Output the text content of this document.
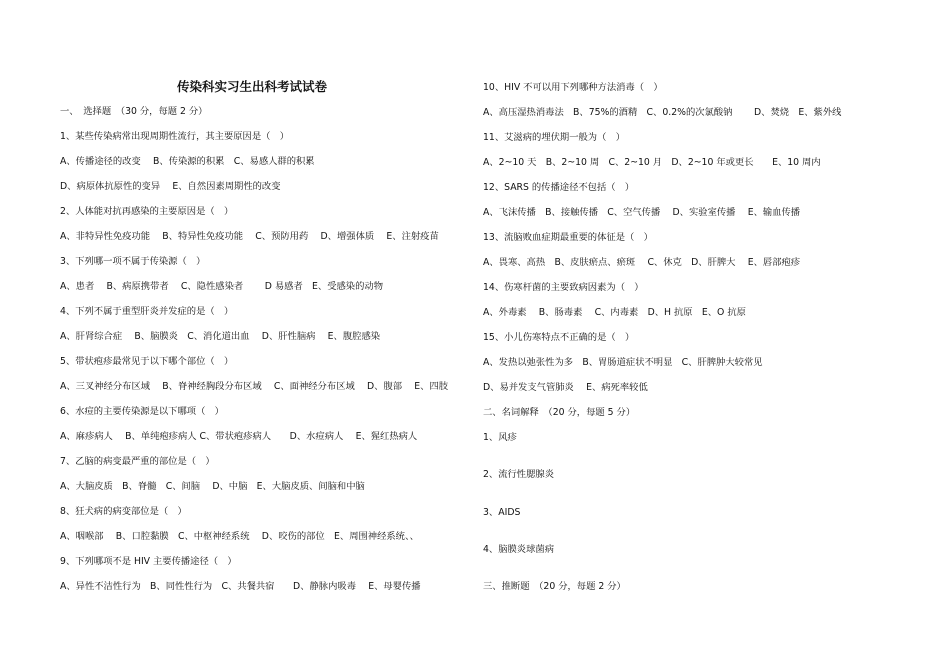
传染科实习生出科考试试卷
一、　选择题　（30 分，每题 2 分）
1、某些传染病常出现周期性流行，其主要原因是（　）
A、传播途径的改变　 B、传染源的积累　C、易感人群的积累
D、病原体抗原性的变异　 E、自然因素周期性的改变
2、人体能对抗再感染的主要原因是（　）
A、非特异性免疫功能　 B、特异性免疫功能　 C、预防用药　 D、增强体质　 E、注射疫苗
3、下列哪一项不属于传染源（　）
A、患者　 B、病原携带者　 C、隐性感染者　　 D 易感者　E、受感染的动物
4、下列不属于重型肝炎并发症的是（　）
A、肝肾综合症　 B、脑膜炎　C、消化道出血　 D、肝性脑病　 E、腹腔感染
5、带状疱疹最常见于以下哪个部位（　）
A、三叉神经分布区域　 B、脊神经胸段分布区域　 C、面神经分布区域　 D、腹部　 E、四肢
6、水痘的主要传染源是以下哪项（　）
A、麻疹病人　 B、单纯疱疹病人 C、带状疱疹病人　　D、水痘病人　 E、猩红热病人
7、乙脑的病变最严重的部位是（　）
A、大脑皮质　B、脊髓　C、间脑　 D、中脑　E、大脑皮质、间脑和中脑
8、狂犬病的病变部位是（　）
A、咽喉部　 B、口腔黏膜　C、中枢神经系统　 D、咬伤的部位　E、周围神经系统、、
9、下列哪项不是 HIV 主要传播途径（　）
A、异性不洁性行为　B、同性性行为　C、共餐共宿　　D、静脉内吸毒　 E、母婴传播
10、HIV 不可以用下列哪种方法消毒（　）
A、高压湿热消毒法　B、75%的酒精　C、0.2%的次氯酸钠　　 D、焚烧　E、紫外线
11、艾滋病的埋伏期一般为（　）
A、2~10 天　B、2~10 周　C、2~10 月　D、2~10 年或更长　　E、10 周内
12、SARS 的传播途径不包括（　）
A、飞沫传播　B、接触传播　C、空气传播　 D、实验室传播　 E、输血传播
13、流脑败血症期最重要的体征是（　）
A、畏寒、高热　B、皮肤瘀点、瘀斑　 C、休克　D、肝脾大　 E、唇部疱疹
14、伤寒杆菌的主要致病因素为（　）
A、外毒素　 B、肠毒素　 C、内毒素　D、H 抗原　E、O 抗原
15、小儿伤寒特点不正确的是（　）
A、发热以弛张性为多　B、胃肠道症状不明显　C、肝脾肿大较常见
D、易并发支气管肺炎　 E、病死率较低
二、名词解释　（20 分，每题 5 分）
1、风疹
2、流行性腮腺炎
3、AIDS
4、脑膜炎球菌病
三、推断题　（20 分，每题 2 分）
